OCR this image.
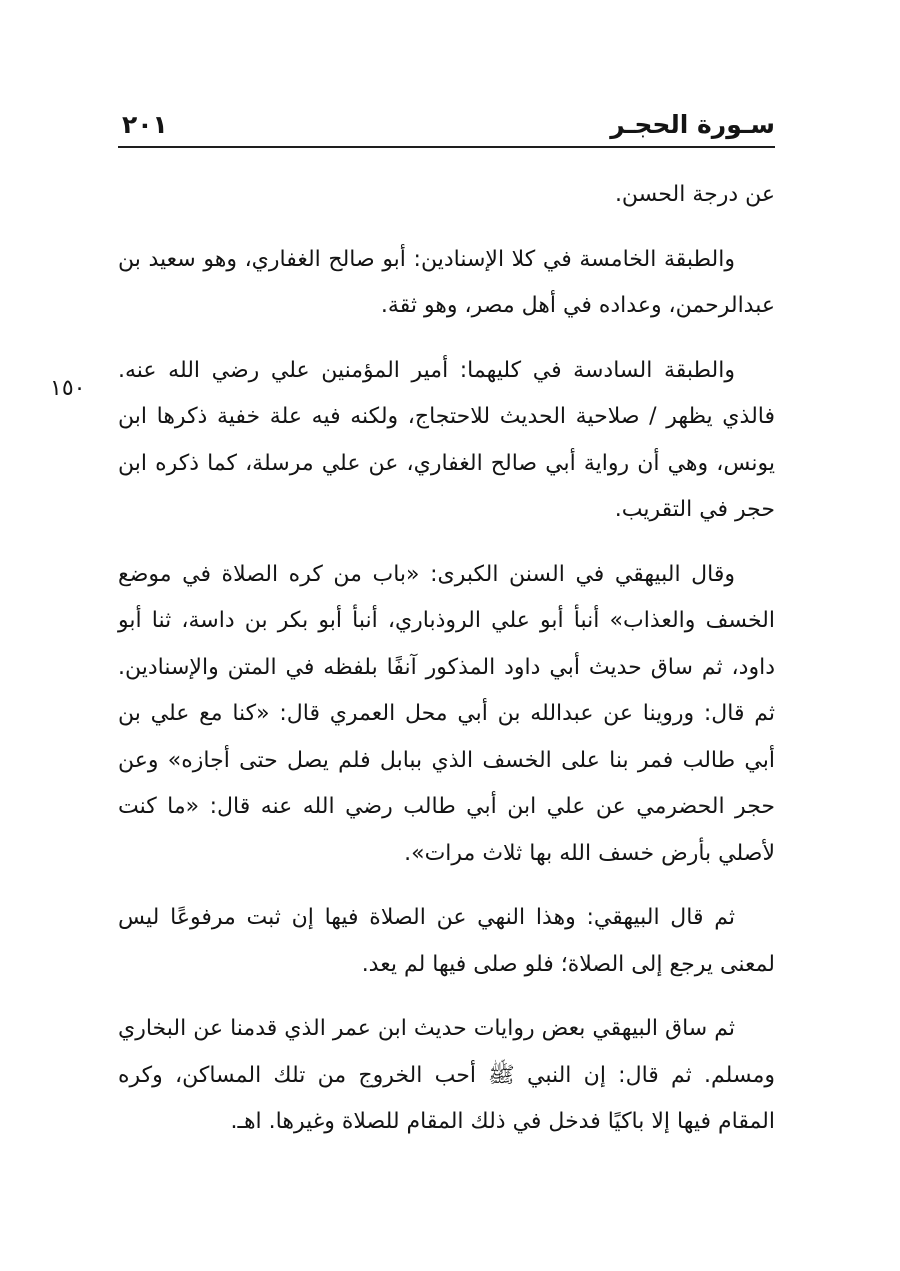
سـورة الحجـر
٢٠١
١٥٠

عن درجة الحسن.

والطبقة الخامسة في كلا الإسنادين: أبو صالح الغفاري، وهو سعيد بن عبدالرحمن، وعداده في أهل مصر، وهو ثقة.

والطبقة السادسة في كليهما: أمير المؤمنين علي رضي الله عنه. فالذي يظهر / صلاحية الحديث للاحتجاج، ولكنه فيه علة خفية ذكرها ابن يونس، وهي أن رواية أبي صالح الغفاري، عن علي مرسلة، كما ذكره ابن حجر في التقريب.

وقال البيهقي في السنن الكبرى: «باب من كره الصلاة في موضع الخسف والعذاب» أنبأ أبو علي الروذباري، أنبأ أبو بكر بن داسة، ثنا أبو داود، ثم ساق حديث أبي داود المذكور آنفًا بلفظه في المتن والإسنادين. ثم قال: وروينا عن عبدالله بن أبي محل العمري قال: «كنا مع علي بن أبي طالب فمر بنا على الخسف الذي ببابل فلم يصل حتى أجازه» وعن حجر الحضرمي عن علي ابن أبي طالب رضي الله عنه قال: «ما كنت لأصلي بأرض خسف الله بها ثلاث مرات».

ثم قال البيهقي: وهذا النهي عن الصلاة فيها إن ثبت مرفوعًا ليس لمعنى يرجع إلى الصلاة؛ فلو صلى فيها لم يعد.

ثم ساق البيهقي بعض روايات حديث ابن عمر الذي قدمنا عن البخاري ومسلم. ثم قال: إن النبي ﷺ أحب الخروج من تلك المساكن، وكره المقام فيها إلا باكيًا فدخل في ذلك المقام للصلاة وغيرها. اهـ.
